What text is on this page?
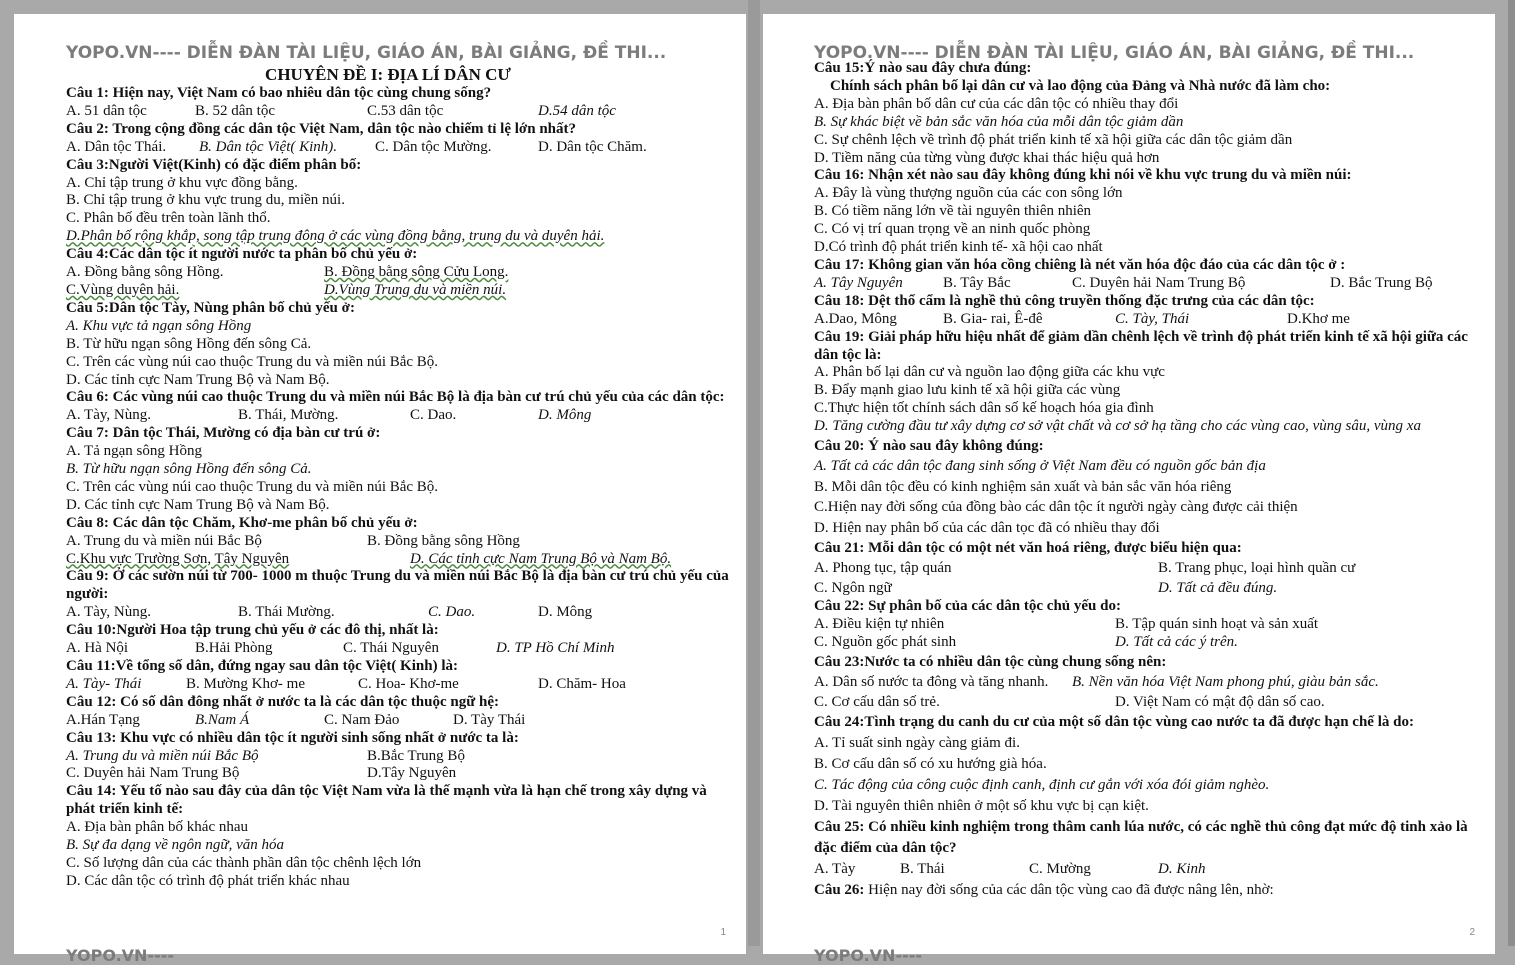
YOPO.VN---- DIỄN ĐÀN TÀI LIỆU, GIÁO ÁN, BÀI GIẢNG, ĐỀ THI...
CHUYÊN ĐỀ I: ĐỊA LÍ DÂN CƯ
Câu 1: Hiện nay, Việt Nam có bao nhiêu dân tộc cùng chung sống?
A. 51 dân tộc	B. 52 dân tộc	C.53 dân tộc	D.54 dân tộc
Câu 2: Trong cộng đồng các dân tộc Việt Nam, dân tộc nào chiếm tỉ lệ lớn nhất?
A. Dân tộc Thái. B. Dân tộc Việt( Kinh).	C. Dân tộc Mường.	D. Dân tộc Chăm.
Câu 3:Người Việt(Kinh) có đặc điểm phân bố:
A. Chỉ tập trung ở khu vực đồng bằng.
B. Chỉ tập trung ở khu vực trung du, miền núi.
C. Phân bố đều trên toàn lãnh thổ.
D.Phân bố rộng khắp, song tập trung đông ở các vùng đồng bằng, trung du và duyên hải.
Câu 4:Các dân tộc ít người nước ta phân bố chủ yếu ở:
A. Đồng bằng sông Hồng.	B. Đồng bằng sông Cửu Long.
C.Vùng duyên hải.	D.Vùng Trung du và miền núi.
Câu 5:Dân tộc Tày, Nùng phân bố chủ yếu ở:
A. Khu vực tả ngạn sông Hồng
B. Từ hữu ngạn sông Hồng đến sông Cả.
C. Trên các vùng núi cao thuộc Trung du và miền núi Bắc Bộ.
D. Các tỉnh cực Nam Trung Bộ và Nam Bộ.
Câu 6: Các vùng núi cao thuộc Trung du và miền núi Bắc Bộ là địa bàn cư trú chủ yếu của các dân tộc:
A. Tày, Nùng.	B. Thái, Mường.	C. Dao.	D. Mông
Câu 7: Dân tộc Thái, Mường có địa bàn cư trú ở:
A. Tả ngạn sông Hồng
B. Từ hữu ngạn sông Hồng đến sông Cả.
C. Trên các vùng núi cao thuộc Trung du và miền núi Bắc Bộ.
D. Các tỉnh cực Nam Trung Bộ và Nam Bộ.
Câu 8: Các dân tộc Chăm, Khơ-me phân bố chủ yếu ở:
A. Trung du và miền núi Bắc Bộ	B. Đồng bằng sông Hồng
C.Khu vực Trường Sơn, Tây Nguyên	D. Các tỉnh cực Nam Trung Bộ và Nam Bộ.
Câu 9: Ở các sườn núi từ 700- 1000 m thuộc Trung du và miền núi Bắc Bộ là địa bàn cư trú chủ yếu của người:
A. Tày, Nùng.	B. Thái Mường.	C. Dao.	D. Mông
Câu 10:Người Hoa tập trung chủ yếu ở các đô thị, nhất là:
A. Hà Nội	B.Hải Phòng	C. Thái Nguyên	D. TP Hồ Chí Minh
Câu 11:Về tổng số dân, đứng ngay sau dân tộc Việt( Kinh) là:
A. Tày- Thái	B. Mường Khơ- me	C. Hoa- Khơ-me	D. Chăm- Hoa
Câu 12: Có số dân đông nhất ở nước ta là các dân tộc thuộc ngữ hệ:
A.Hán Tạng	B.Nam Á	C. Nam Đảo	D. Tày Thái
Câu 13: Khu vực có nhiều dân tộc ít người sinh sống nhất ở nước ta là:
A. Trung du và miền núi Bắc Bộ	B.Bắc Trung Bộ
C. Duyên hải Nam Trung Bộ	D.Tây Nguyên
Câu 14: Yếu tố nào sau đây của dân tộc Việt Nam vừa là thế mạnh vừa là hạn chế trong xây dựng và phát triển kinh tế:
A. Địa bàn phân bố khác nhau
B. Sự đa dạng về ngôn ngữ, văn hóa
C. Số lượng dân của các thành phần dân tộc chênh lệch lớn
D. Các dân tộc có trình độ phát triển khác nhau
1
YOPO.VN----
YOPO.VN---- DIỄN ĐÀN TÀI LIỆU, GIÁO ÁN, BÀI GIẢNG, ĐỀ THI...
Câu 15:Ý nào sau đây chưa đúng:
Chính sách phân bố lại dân cư và lao động của Đảng và Nhà nước đã làm cho:
A. Địa bàn phân bố dân cư của các dân tộc có nhiều thay đổi
B. Sự khác biệt về bản sắc văn hóa của mỗi dân tộc giảm dần
C. Sự chênh lệch về trình độ phát triển kinh tế xã hội giữa các dân tộc giảm dần
D. Tiềm năng của từng vùng được khai thác hiệu quả hơn
Câu 16: Nhận xét nào sau đây không đúng khi nói về khu vực trung du và miền núi:
A. Đây là vùng thượng nguồn của các con sông lớn
B. Có tiềm năng lớn về tài nguyên thiên nhiên
C. Có vị trí quan trọng về an ninh quốc phòng
D.Có trình độ phát triển kinh tế- xã hội cao nhất
Câu 17: Không gian văn hóa cồng chiêng là nét văn hóa độc đáo của các dân tộc ở :
A. Tây Nguyên	B. Tây Bắc	C. Duyên hải Nam Trung Bộ	D. Bắc Trung Bộ
Câu 18: Dệt thổ cẩm là nghề thủ công truyền thống đặc trưng của các dân tộc:
A.Dao, Mông	B. Gia- rai, Ê-đê	C. Tày, Thái	D.Khơ me
Câu 19: Giải pháp hữu hiệu nhất để giảm dần chênh lệch về trình độ phát triển kinh tế xã hội giữa các dân tộc là:
A. Phân bố lại dân cư và nguồn lao động giữa các khu vực
B. Đẩy mạnh giao lưu kinh tế xã hội giữa các vùng
C.Thực hiện tốt chính sách dân số kế hoạch hóa gia đình
D. Tăng cường đầu tư xây dựng cơ sở vật chất và cơ sở hạ tầng cho các vùng cao, vùng sâu, vùng xa
Câu 20: Ý nào sau đây không đúng:
A. Tất cả các dân tộc đang sinh sống ở Việt Nam đều có nguồn gốc bản địa
B. Mỗi dân tộc đều có kinh nghiệm sản xuất và bản sắc văn hóa riêng
C.Hiện nay đời sống của đồng bào các dân tộc ít người ngày càng được cải thiện
D. Hiện nay phân bố của các dân tọc đã có nhiều thay đổi
Câu 21: Mỗi dân tộc có một nét văn hoá riêng, được biểu hiện qua:
A. Phong tục, tập quán	B. Trang phục, loại hình quần cư
C. Ngôn ngữ	D. Tất cả đều đúng.
Câu 22: Sự phân bố của các dân tộc chủ yếu do:
A. Điều kiện tự nhiên	B. Tập quán sinh hoạt và sản xuất
C. Nguồn gốc phát sinh	D. Tất cả các ý trên.
Câu 23:Nước ta có nhiều dân tộc cùng chung sống nên:
A. Dân số nước ta đông và tăng nhanh. B. Nền văn hóa Việt Nam phong phú, giàu bản sắc.
C. Cơ cấu dân số trẻ.	D. Việt Nam có mật độ dân số cao.
Câu 24:Tình trạng du canh du cư của một số dân tộc vùng cao nước ta đã được hạn chế là do:
A. Tỉ suất sinh ngày càng giảm đi.
B. Cơ cấu dân số có xu hướng già hóa.
C. Tác động của công cuộc định canh, định cư gắn với xóa đói giảm nghèo.
D. Tài nguyên thiên nhiên ở một số khu vực bị cạn kiệt.
Câu 25: Có nhiều kinh nghiệm trong thâm canh lúa nước, có các nghề thủ công đạt mức độ tinh xảo là đặc điểm của dân tộc?
A. Tày	B. Thái	C. Mường	D. Kinh
Câu 26: Hiện nay đời sống của các dân tộc vùng cao đã được nâng lên, nhờ:
2
YOPO.VN----
